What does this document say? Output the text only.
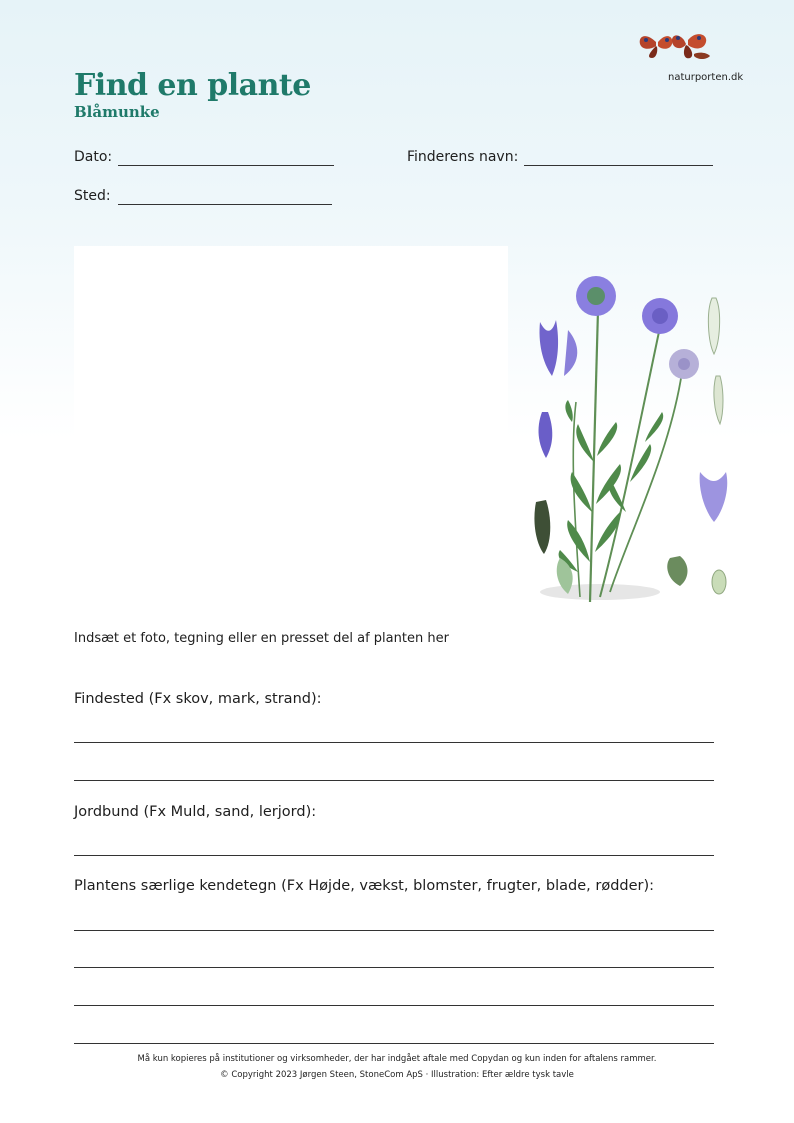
Find en plante
Blåmunke
naturporten.dk
Dato:	Finderens navn:
Sted:
Indsæt et foto, tegning eller en presset del af planten her
Findested (Fx skov, mark, strand):
Jordbund (Fx Muld, sand, lerjord):
Plantens særlige kendetegn (Fx Højde, vækst, blomster, frugter, blade, rødder):
Må kun kopieres på institutioner og virksomheder, der har indgået aftale med Copydan og kun inden for aftalens rammer.
© Copyright 2023 Jørgen Steen, StoneCom ApS · Illustration: Efter ældre tysk tavle
